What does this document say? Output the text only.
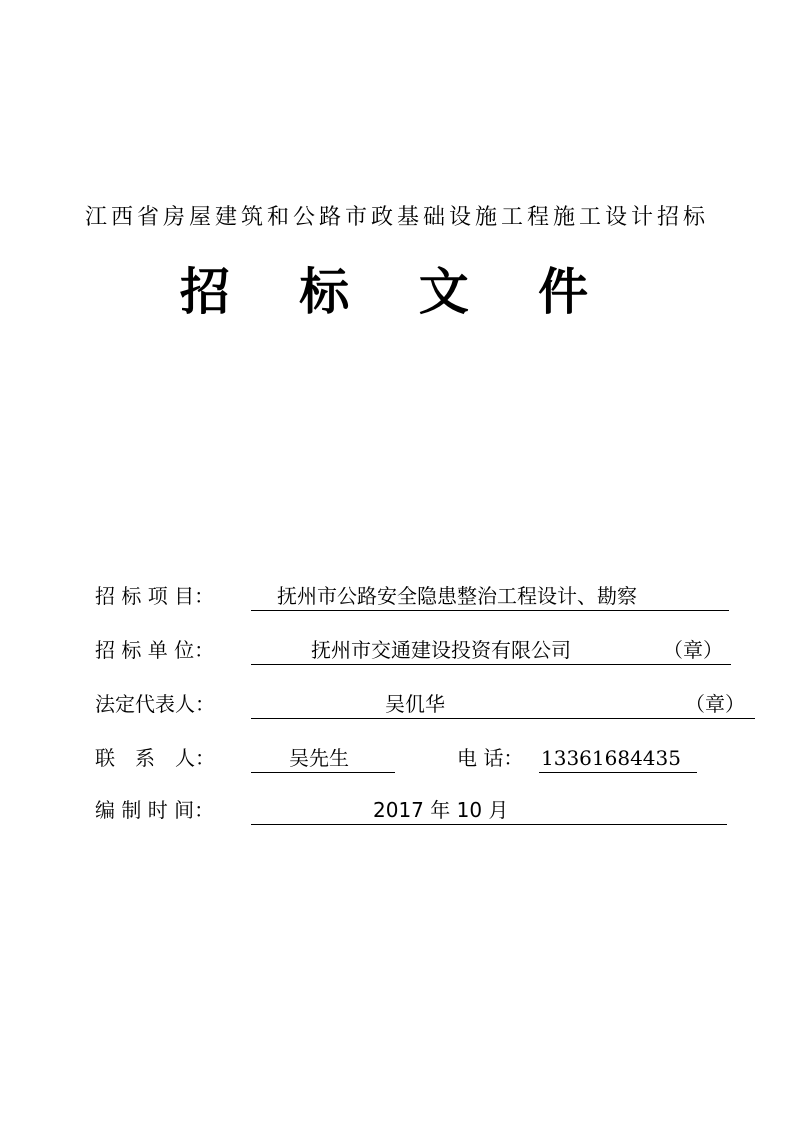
江西省房屋建筑和公路市政基础设施工程施工设计招标
招 标 文 件
招 标 项 目：	抚州市公路安全隐患整治工程设计、勘察
招 标 单 位：	抚州市交通建设投资有限公司	（章）
法定代表人：	吴仉华	（章）
联　系　人：	吴先生	电 话： 13361684435
编 制 时 间：	2017 年 10 月
